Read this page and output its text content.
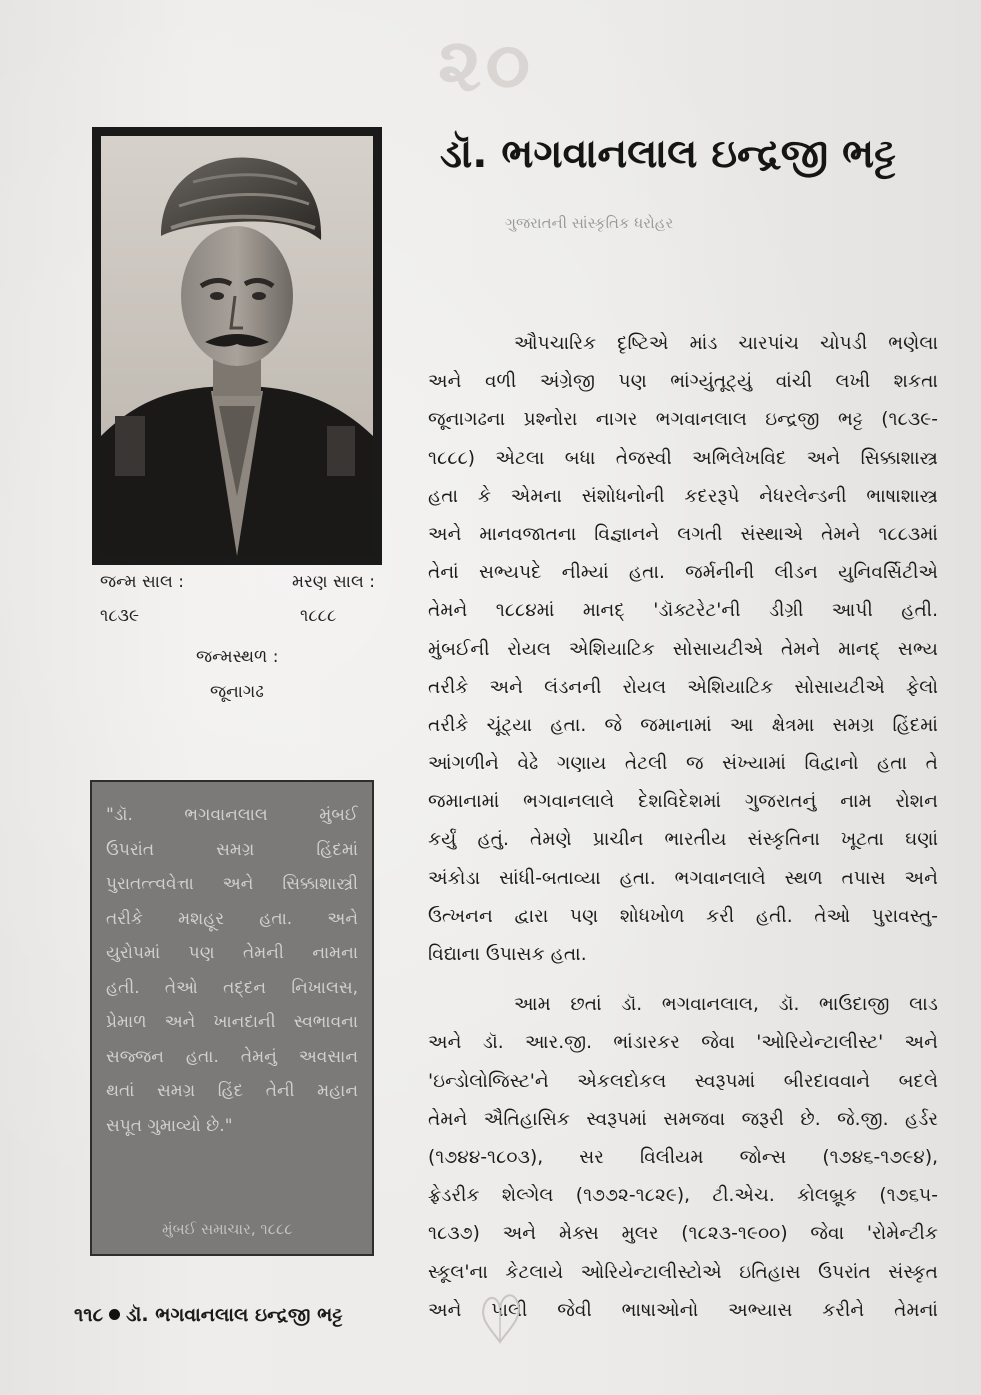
૨૦
ડૉ. ભગવાનલાલ ઇન્દ્રજી ભટ્ટ
ગુજરાતની સાંસ્કૃતિક ધરોહર
જન્મ સાલ :	મરણ સાલ :
૧૮૩૯	૧૮૮૮
જન્મસ્થળ :
જૂનાગઢ
"ડૉ. ભગવાનલાલ મુંબઈ
ઉપરાંત સમગ્ર હિંદમાં
પુરાતત્ત્વવેત્તા અને સિક્કાશાસ્ત્રી
તરીકે મશહૂર હતા. અને
યુરોપમાં પણ તેમની નામના
હતી. તેઓ તદ્દન નિખાલસ,
પ્રેમાળ અને ખાનદાની સ્વભાવના
સજ્જન હતા. તેમનું અવસાન
થતાં સમગ્ર હિંદ તેની મહાન
સપૂત ગુમાવ્યો છે."
મુંબઈ સમાચાર, ૧૮૮૮
ઔપચારિક દૃષ્ટિએ માંડ ચારપાંચ ચોપડી ભણેલા
અને વળી અંગ્રેજી પણ ભાંગ્યુંતૂટ્યું વાંચી લખી શકતા
જૂનાગઢના પ્રશ્નોરા નાગર ભગવાનલાલ ઇન્દ્રજી ભટ્ટ (૧૮૩૯-
૧૮૮૮) એટલા બધા તેજસ્વી અભિલેખવિદ અને સિક્કાશાસ્ત્ર
હતા કે એમના સંશોધનોની કદરરૂપે નેધરલેન્ડની ભાષાશાસ્ત્ર
અને માનવજાતના વિજ્ઞાનને લગતી સંસ્થાએ તેમને ૧૮૮૩માં
તેનાં સભ્યપદે નીમ્યાં હતા. જર્મનીની લીડન યુનિવર્સિટીએ
તેમને ૧૮૮૪માં માનદ્ 'ડૉક્ટરેટ'ની ડીગ્રી આપી હતી.
મુંબઈની રોયલ એશિયાટિક સોસાયટીએ તેમને માનદ્ સભ્ય
તરીકે અને લંડનની રોયલ એશિયાટિક સોસાયટીએ ફેલો
તરીકે ચૂંટ્યા હતા. જે જમાનામાં આ ક્ષેત્રમા સમગ્ર હિંદમાં
આંગળીને વેઢે ગણાય તેટલી જ સંખ્યામાં વિદ્વાનો હતા તે
જમાનામાં ભગવાનલાલે દેશવિદેશમાં ગુજરાતનું નામ રોશન
કર્યું હતું. તેમણે પ્રાચીન ભારતીય સંસ્કૃતિના ખૂટતા ઘણાં
અંકોડા સાંધી-બતાવ્યા હતા. ભગવાનલાલે સ્થળ તપાસ અને
ઉત્ખનન દ્વારા પણ શોધખોળ કરી હતી. તેઓ પુરાવસ્તુ-
વિદ્યાના ઉપાસક હતા.
આમ છતાં ડૉ. ભગવાનલાલ, ડૉ. ભાઉદાજી લાડ
અને ડૉ. આર.જી. ભાંડારકર જેવા 'ઓરિયેન્ટાલીસ્ટ' અને
'ઇન્ડોલોજિસ્ટ'ને એકલદોકલ સ્વરૂપમાં બીરદાવવાને બદલે
તેમને ઐતિહાસિક સ્વરૂપમાં સમજવા જરૂરી છે. જે.જી. હર્ડર
(૧૭૪૪-૧૮૦૩), સર વિલીયમ જોન્સ (૧૭૪૬-૧૭૯૪),
ફ્રેડરીક શેલ્ગેલ (૧૭૭૨-૧૮૨૯), ટી.એચ. કોલબ્રૂક (૧૭૬૫-
૧૮૩૭) અને મેક્સ મુલર (૧૮૨૩-૧૯૦૦) જેવા 'રોમેન્ટીક
સ્કૂલ'ના કેટલાયે ઓરિયેન્ટાલીસ્ટોએ ઇતિહાસ ઉપરાંત સંસ્કૃત
અને પાલી જેવી ભાષાઓનો અભ્યાસ કરીને તેમનાં
૧૧૮ ડૉ. ભગવાનલાલ ઇન્દ્રજી ભટ્ટ
